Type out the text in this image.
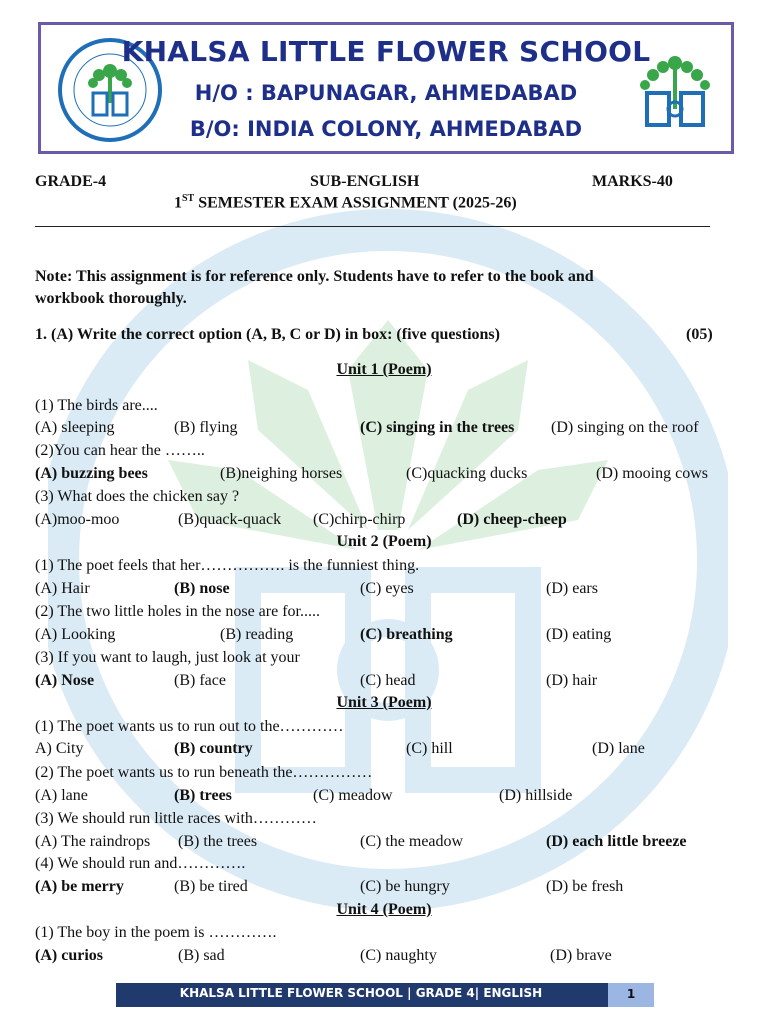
KHALSA LITTLE FLOWER SCHOOL
H/O : BAPUNAGAR, AHMEDABAD
B/O: INDIA COLONY, AHMEDABAD
GRADE-4	SUB-ENGLISH	MARKS-40
1ST SEMESTER EXAM ASSIGNMENT (2025-26)
Note: This assignment is for reference only. Students have to refer to the book and
workbook thoroughly.
1. (A) Write the correct option (A, B, C or D) in box: (five questions)	(05)
Unit 1 (Poem)
(1) The birds are....
(A) sleeping	(B) flying	(C) singing in the trees (D) singing on the roof
(2)You can hear the ……..
(A) buzzing bees	(B)neighing horses	(C)quacking ducks	(D) mooing cows
(3) What does the chicken say ?
(A)moo-moo	(B)quack-quack (C)chirp-chirp	(D) cheep-cheep
Unit 2 (Poem)
(1) The poet feels that her……………. is the funniest thing.
(A) Hair	(B) nose	(C) eyes	(D) ears
(2) The two little holes in the nose are for.....
(A) Looking	(B) reading	(C) breathing	(D) eating
(3) If you want to laugh, just look at your
(A) Nose	(B) face	(C) head	(D) hair
Unit 3 (Poem)
(1) The poet wants us to run out to the…………
A) City	(B) country	(C) hill	(D) lane
(2) The poet wants us to run beneath the……………
(A) lane	(B) trees	(C) meadow	(D) hillside
(3) We should run little races with…………
(A) The raindrops (B) the trees	(C) the meadow	(D) each little breeze
(4) We should run and………….
(A) be merry	(B) be tired	(C) be hungry	(D) be fresh
Unit 4 (Poem)
(1) The boy in the poem is ………….
(A) curios	(B) sad	(C) naughty	(D) brave
KHALSA LITTLE FLOWER SCHOOL | GRADE 4| ENGLISH	1
